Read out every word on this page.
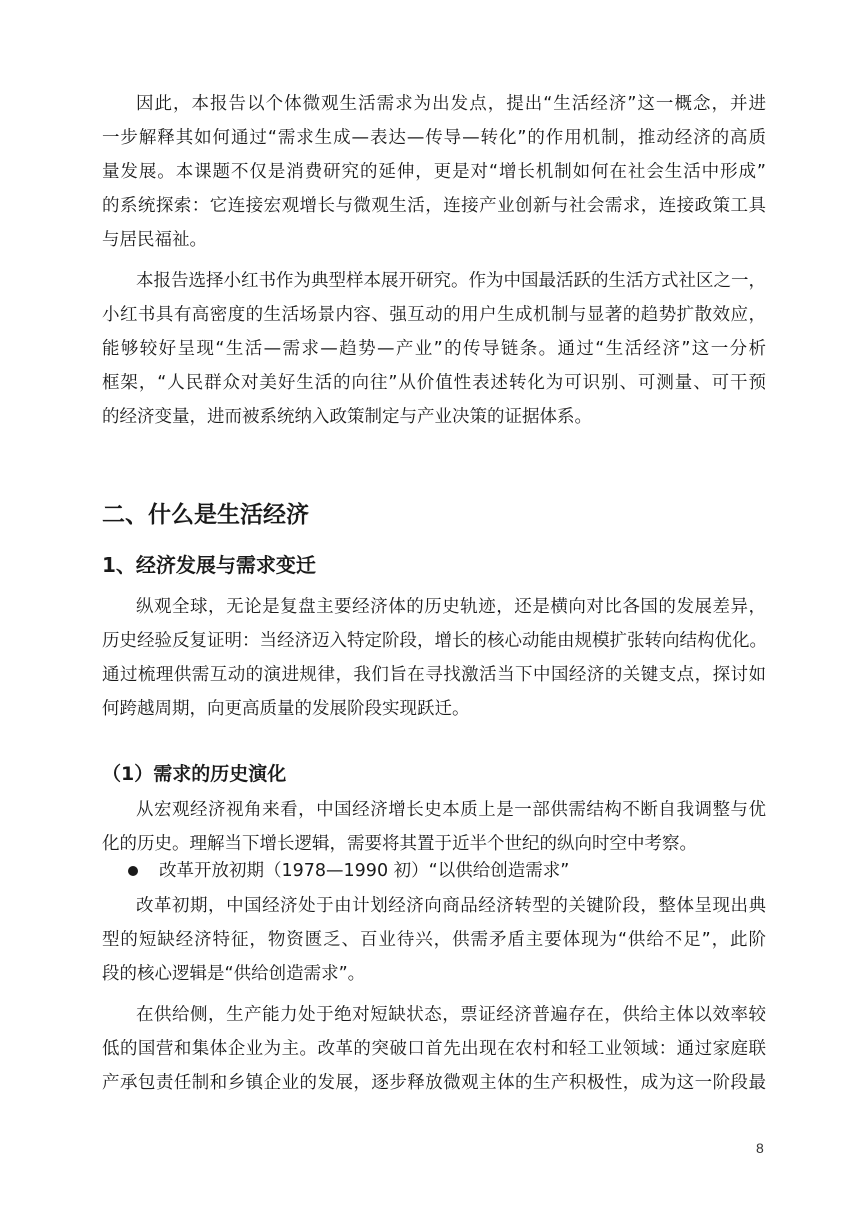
因此，本报告以个体微观生活需求为出发点，提出“生活经济”这一概念，并进
一步解释其如何通过“需求生成—表达—传导—转化”的作用机制，推动经济的高质
量发展。本课题不仅是消费研究的延伸，更是对“增长机制如何在社会生活中形成”
的系统探索：它连接宏观增长与微观生活，连接产业创新与社会需求，连接政策工具
与居民福祉。
本报告选择小红书作为典型样本展开研究。作为中国最活跃的生活方式社区之一，
小红书具有高密度的生活场景内容、强互动的用户生成机制与显著的趋势扩散效应，
能够较好呈现“生活—需求—趋势—产业”的传导链条。通过“生活经济”这一分析
框架，“人民群众对美好生活的向往”从价值性表述转化为可识别、可测量、可干预
的经济变量，进而被系统纳入政策制定与产业决策的证据体系。
二、什么是生活经济
1、经济发展与需求变迁
纵观全球，无论是复盘主要经济体的历史轨迹，还是横向对比各国的发展差异，
历史经验反复证明：当经济迈入特定阶段，增长的核心动能由规模扩张转向结构优化。
通过梳理供需互动的演进规律，我们旨在寻找激活当下中国经济的关键支点，探讨如
何跨越周期，向更高质量的发展阶段实现跃迁。
（1）需求的历史演化
从宏观经济视角来看，中国经济增长史本质上是一部供需结构不断自我调整与优
化的历史。理解当下增长逻辑，需要将其置于近半个世纪的纵向时空中考察。
改革开放初期（1978—1990 初）“以供给创造需求”
改革初期，中国经济处于由计划经济向商品经济转型的关键阶段，整体呈现出典
型的短缺经济特征，物资匮乏、百业待兴，供需矛盾主要体现为“供给不足”，此阶
段的核心逻辑是“供给创造需求”。
在供给侧，生产能力处于绝对短缺状态，票证经济普遍存在，供给主体以效率较
低的国营和集体企业为主。改革的突破口首先出现在农村和轻工业领域：通过家庭联
产承包责任制和乡镇企业的发展，逐步释放微观主体的生产积极性，成为这一阶段最
8
